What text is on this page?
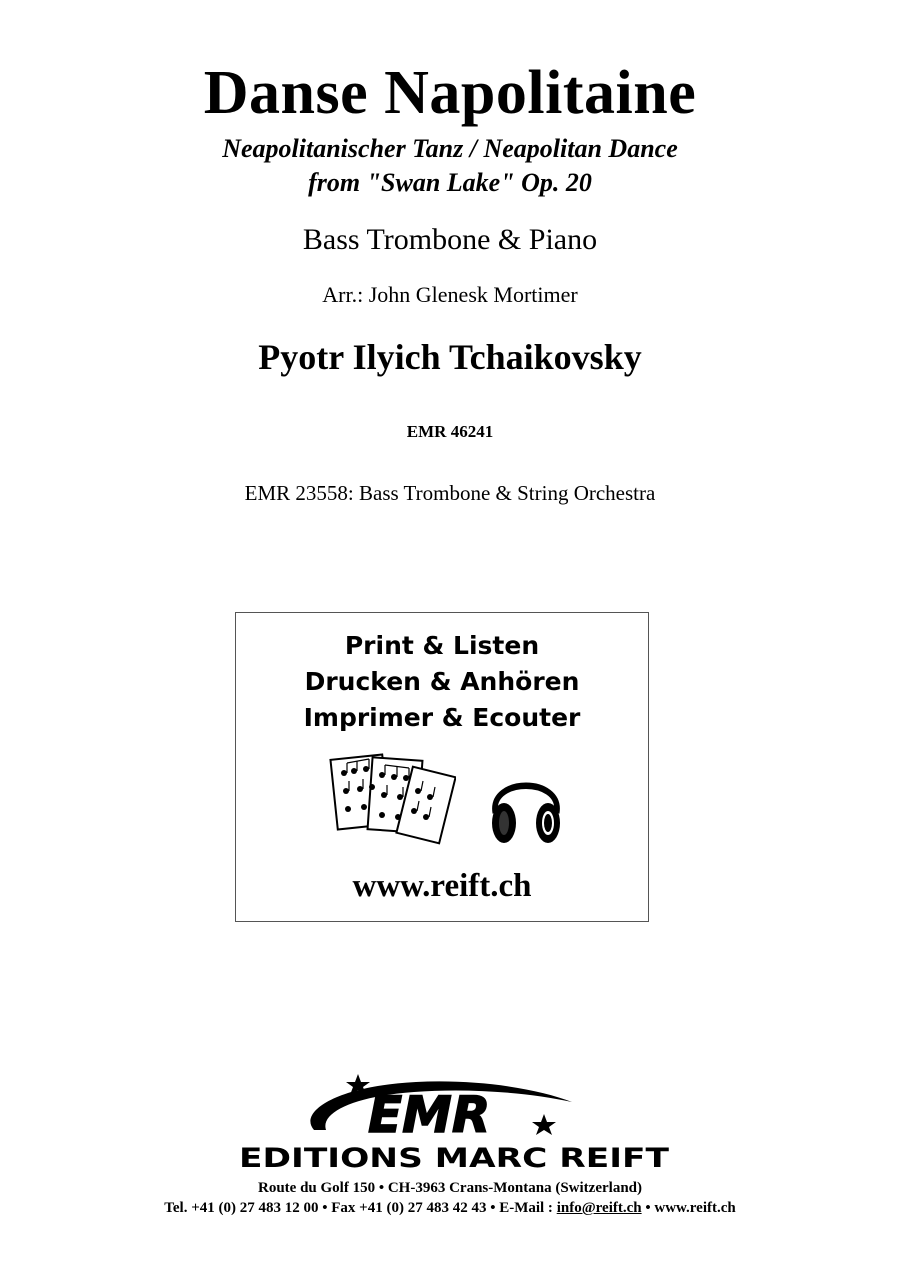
Danse Napolitaine
Neapolitanischer Tanz / Neapolitan Dance
from "Swan Lake" Op. 20
Bass Trombone & Piano
Arr.: John Glenesk Mortimer
Pyotr Ilyich Tchaikovsky
EMR 46241
EMR 23558: Bass Trombone & String Orchestra
Print & Listen
Drucken & Anhören
Imprimer & Ecouter
www.reift.ch
EMR
EDITIONS MARC REIFT
Route du Golf 150 • CH-3963 Crans-Montana (Switzerland)
Tel. +41 (0) 27 483 12 00 • Fax +41 (0) 27 483 42 43 • E-Mail : info@reift.ch • www.reift.ch
